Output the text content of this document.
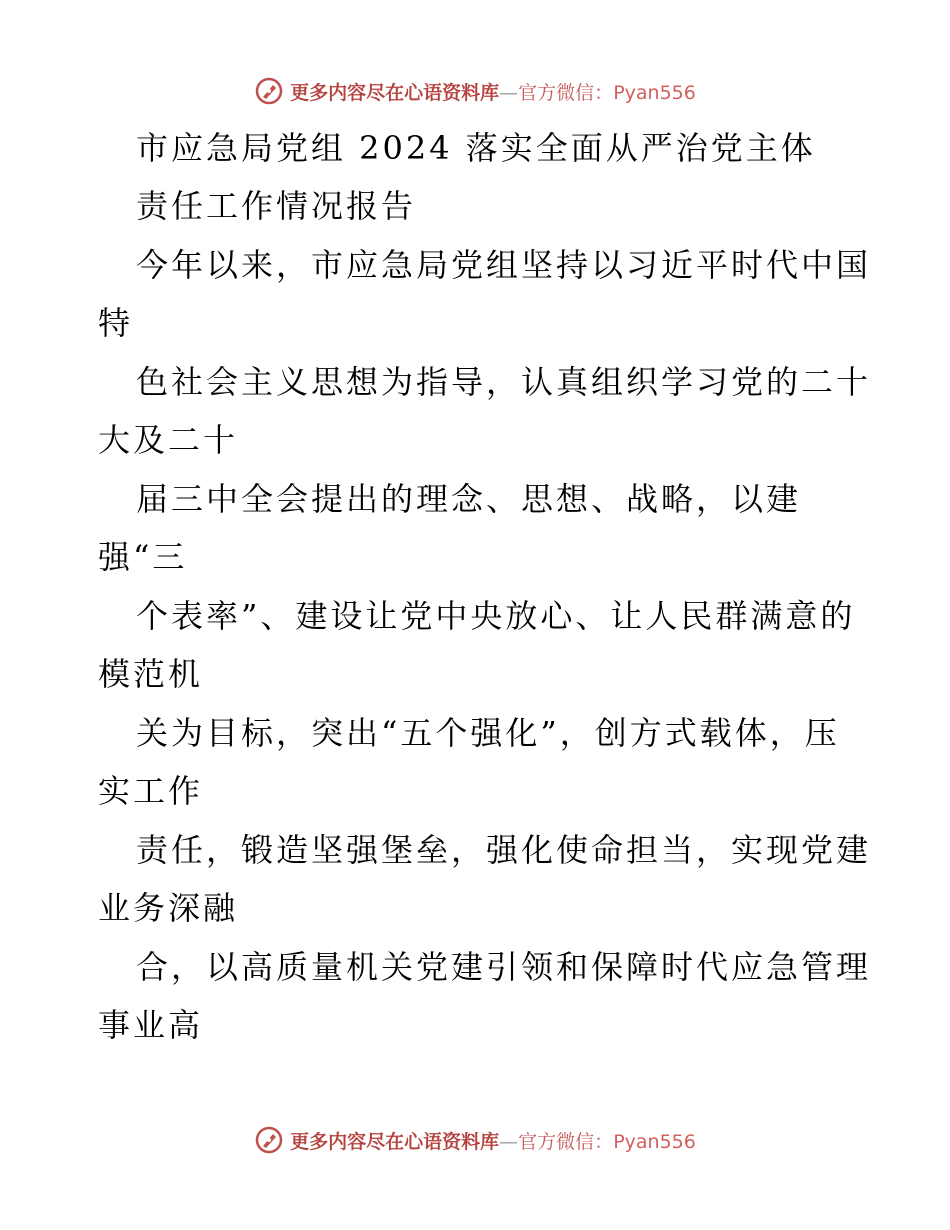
更多内容尽在心语资料库—官方微信：Pyan556
市应急局党组 2024 落实全面从严治党主体
责任工作情况报告
今年以来，市应急局党组坚持以习近平时代中国
特
色社会主义思想为指导，认真组织学习党的二十
大及二十
届三中全会提出的理念、思想、战略，以建
强“三
个表率”、建设让党中央放心、让人民群满意的
模范机
关为目标，突出“五个强化”，创方式载体，压
实工作
责任，锻造坚强堡垒，强化使命担当，实现党建
业务深融
合，以高质量机关党建引领和保障时代应急管理
事业高
更多内容尽在心语资料库—官方微信：Pyan556
